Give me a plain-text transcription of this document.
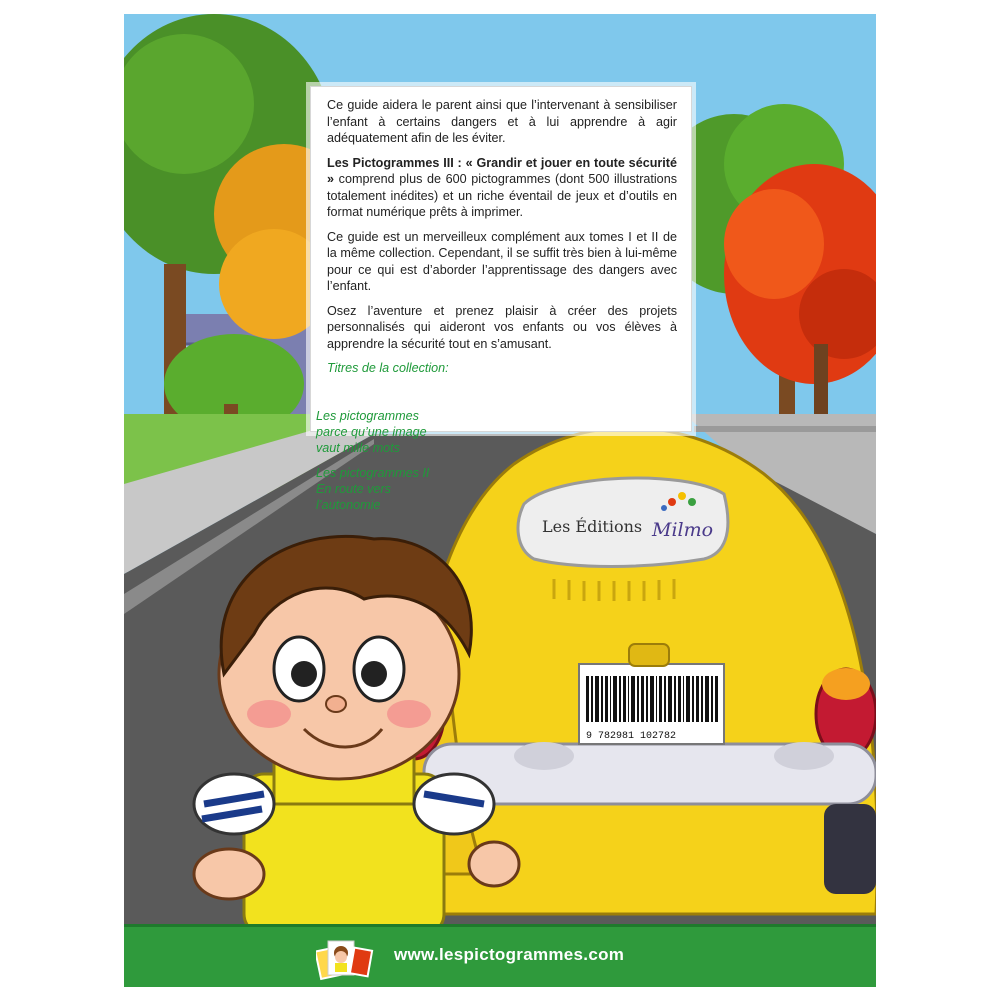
Ce guide aidera le parent ainsi que l’intervenant à sensibiliser l’enfant à certains dangers et à lui apprendre à agir adéquatement afin de les éviter.

Les Pictogrammes III : « Grandir et jouer en toute sécurité » comprend plus de 600 pictogrammes (dont 500 illustrations totalement inédites) et un riche éventail de jeux et d’outils en format numérique prêts à imprimer.

Ce guide est un merveilleux complément aux tomes I et II de la même collection. Cependant, il se suffit très bien à lui-même pour ce qui est d’aborder l’apprentissage des dangers avec l’enfant.

Osez l’aventure et prenez plaisir à créer des projets personnalisés qui aideront vos enfants ou vos élèves à apprendre la sécurité tout en s’amusant.

Titres de la collection:

Les pictogrammes
parce qu’une image
vaut mille mots
Les pictogrammes II
En route vers
l’autonomie
Les Éditions Milmo
9 782981 102782
www.lespictogrammes.com
